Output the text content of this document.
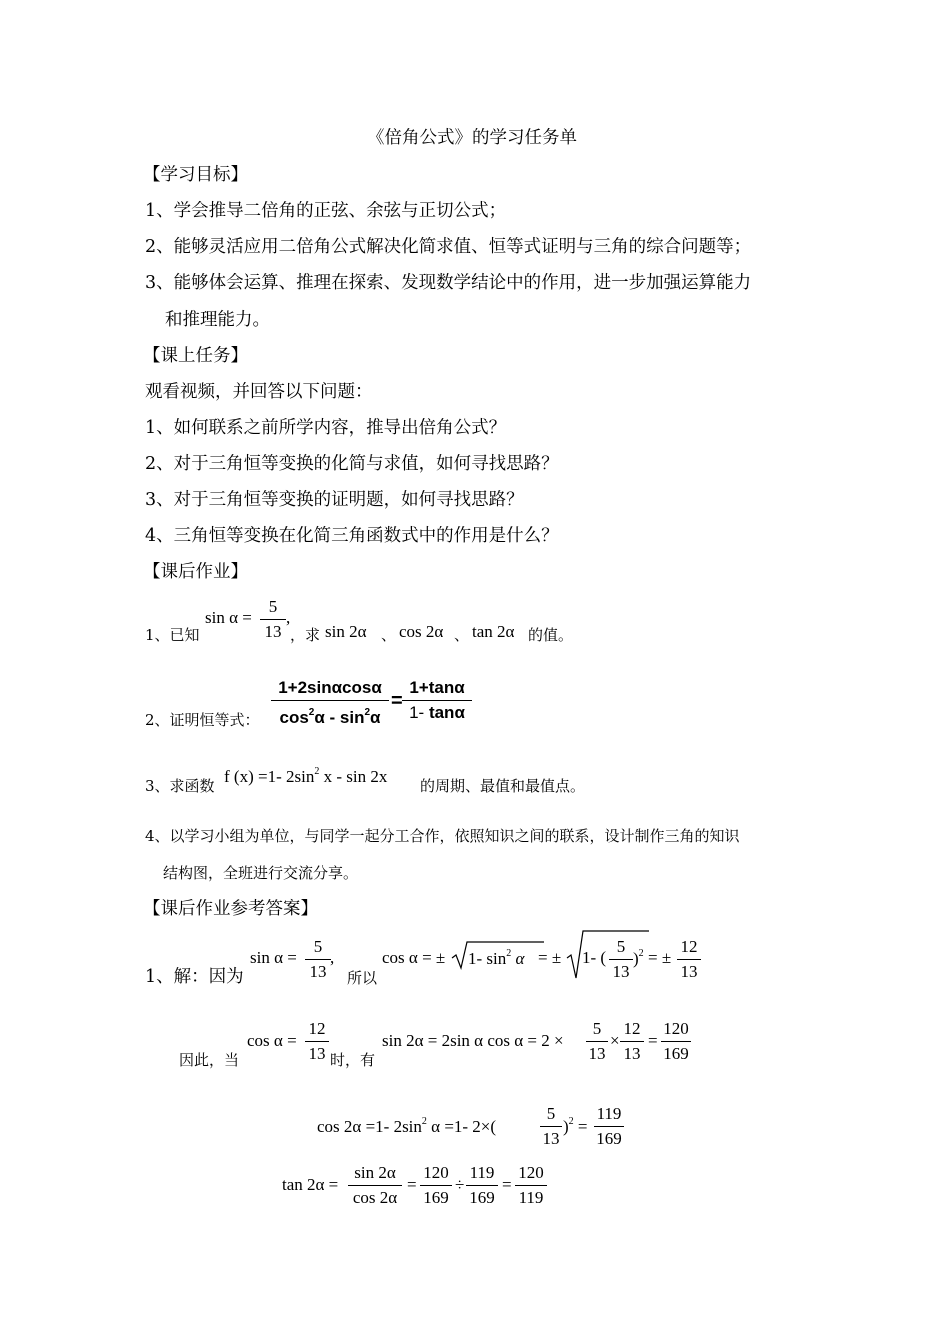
《倍角公式》的学习任务单
【学习目标】
1、学会推导二倍角的正弦、余弦与正切公式；
2、能够灵活应用二倍角公式解决化简求值、恒等式证明与三角的综合问题等；
3、能够体会运算、推理在探索、发现数学结论中的作用，进一步加强运算能力
和推理能力。
【课上任务】
观看视频，并回答以下问题：
1、如何联系之前所学内容，推导出倍角公式？
2、对于三角恒等变换的化简与求值，如何寻找思路？
3、对于三角恒等变换的证明题，如何寻找思路？
4、三角恒等变换在化简三角函数式中的作用是什么？
【课后作业】
1、已知
sin α =
5
13
,
，求 sin 2α 、 cos 2α 、 tan 2α 的值。
2、证明恒等式：
1+2sinαcosα
$\cos^2\alpha - \sin^2\alpha$
=
1+tanα
1- tanα
3、求函数 f (x) =1- $2\sin^2$ x - sin 2x 的周期、最值和最值点。
4、以学习小组为单位，与同学一起分工合作，依照知识之间的联系，设计制作三角的知识
结构图，全班进行交流分享。
【课后作业参考答案】
1、解：因为
sin α =
5
13
,
所以
cos α = ± 1- $\sin^2 \alpha$ = ± 1- (
5
13
)$^2$ = ±
12
13
因此，当
cos α =
12
13 时，有
sin 2α = 2sin α cos α = 2 ×
5
13
×
12
13
=
120
169
cos 2α =1- $2\sin^2$ α =1- 2×(
5
13
)$^2$ =
119
169
tan 2α =
sin 2α
cos 2α
=
120
169
÷
119
169
=
120
119
